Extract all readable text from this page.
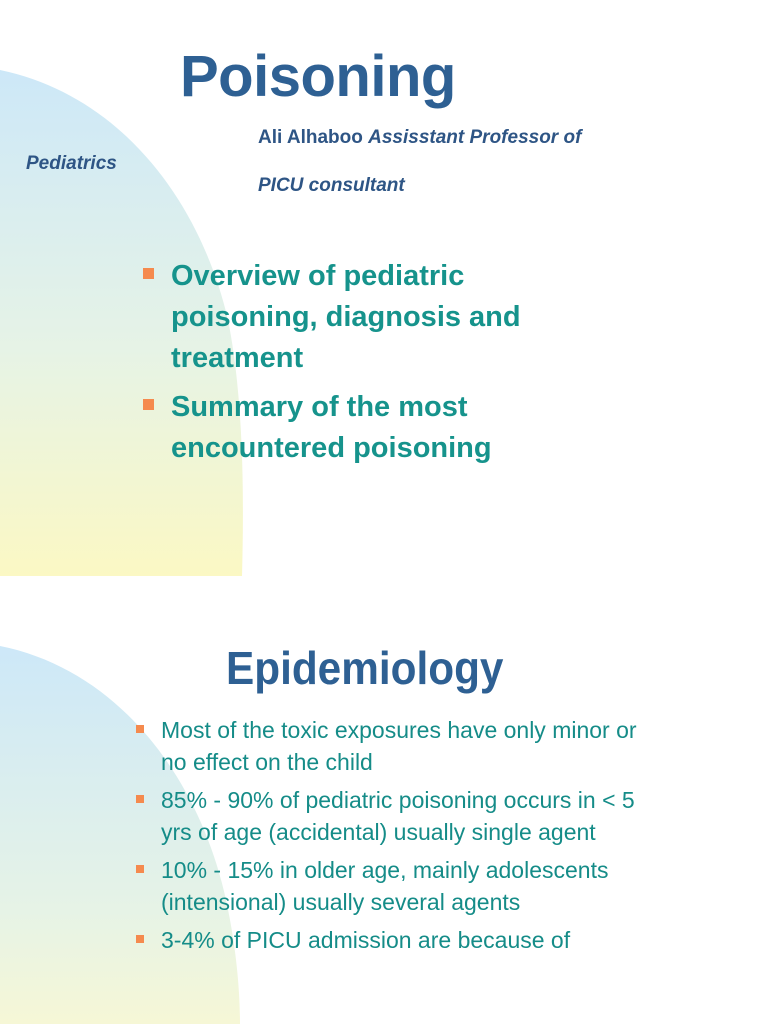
Poisoning
Ali Alhaboo Assisstant Professor of
Pediatrics
PICU consultant
Overview of pediatric poisoning, diagnosis and treatment
Summary of the most encountered poisoning
Epidemiology
Most of the toxic exposures have only minor or no effect on the child
85% - 90% of pediatric poisoning occurs in < 5 yrs of age (accidental) usually single agent
10% - 15% in older age, mainly adolescents (intensional) usually several agents
3-4% of PICU admission are because of
